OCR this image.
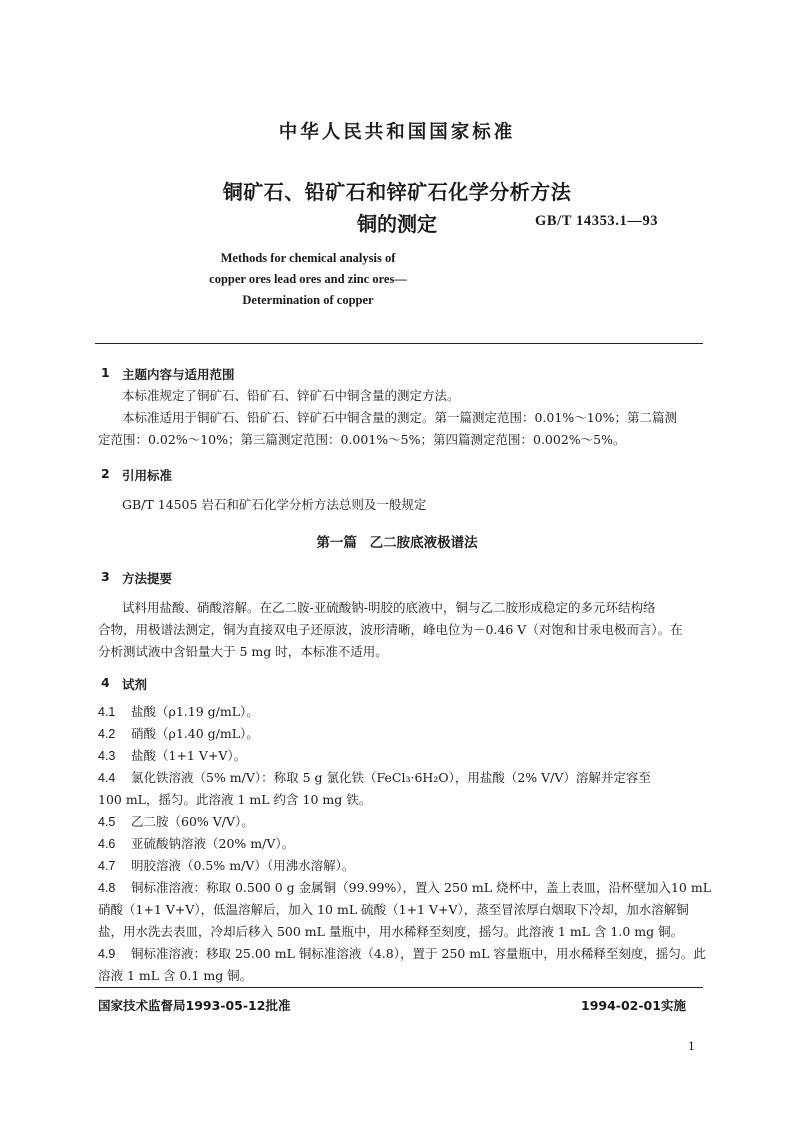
中华人民共和国国家标准
铜矿石、铅矿石和锌矿石化学分析方法
铜的测定	GB/T 14353.1—93
Methods for chemical analysis of
copper ores lead ores and zinc ores—
Determination of copper
1 主题内容与适用范围
本标准规定了铜矿石、铅矿石、锌矿石中铜含量的测定方法。
本标准适用于铜矿石、铅矿石、锌矿石中铜含量的测定。第一篇测定范围：0.01%～10%；第二篇测
定范围：0.02%～10%；第三篇测定范围：0.001%～5%；第四篇测定范围：0.002%～5%。
2 引用标准
GB/T 14505 岩石和矿石化学分析方法总则及一般规定
第一篇 乙二胺底液极谱法
3 方法提要
试料用盐酸、硝酸溶解。在乙二胺-亚硫酸钠-明胶的底液中，铜与乙二胺形成稳定的多元环结构络
合物，用极谱法测定，铜为直接双电子还原波，波形清晰，峰电位为－0.46 V（对饱和甘汞电极而言）。在
分析测试液中含铅量大于 5 mg 时，本标准不适用。
4 试剂
4.1 盐酸（ρ1.19 g/mL）。
4.2 硝酸（ρ1.40 g/mL）。
4.3 盐酸（1+1 V+V）。
4.4 氯化铁溶液（5% m/V）：称取 5 g 氯化铁（FeCl₃·6H₂O），用盐酸（2% V/V）溶解并定容至
100 mL，摇匀。此溶液 1 mL 约含 10 mg 铁。
4.5 乙二胺（60% V/V）。
4.6 亚硫酸钠溶液（20% m/V）。
4.7 明胶溶液（0.5% m/V）（用沸水溶解）。
4.8 铜标准溶液：称取 0.500 0 g 金属铜（99.99%），置入 250 mL 烧杯中，盖上表皿，沿杯壁加入10 mL
硝酸（1+1 V+V），低温溶解后，加入 10 mL 硫酸（1+1 V+V），蒸至冒浓厚白烟取下冷却，加水溶解铜
盐，用水洗去表皿，冷却后移入 500 mL 量瓶中，用水稀释至刻度，摇匀。此溶液 1 mL 含 1.0 mg 铜。
4.9 铜标准溶液：移取 25.00 mL 铜标准溶液（4.8），置于 250 mL 容量瓶中，用水稀释至刻度，摇匀。此
溶液 1 mL 含 0.1 mg 铜。
国家技术监督局1993-05-12批准	1994-02-01实施
1
